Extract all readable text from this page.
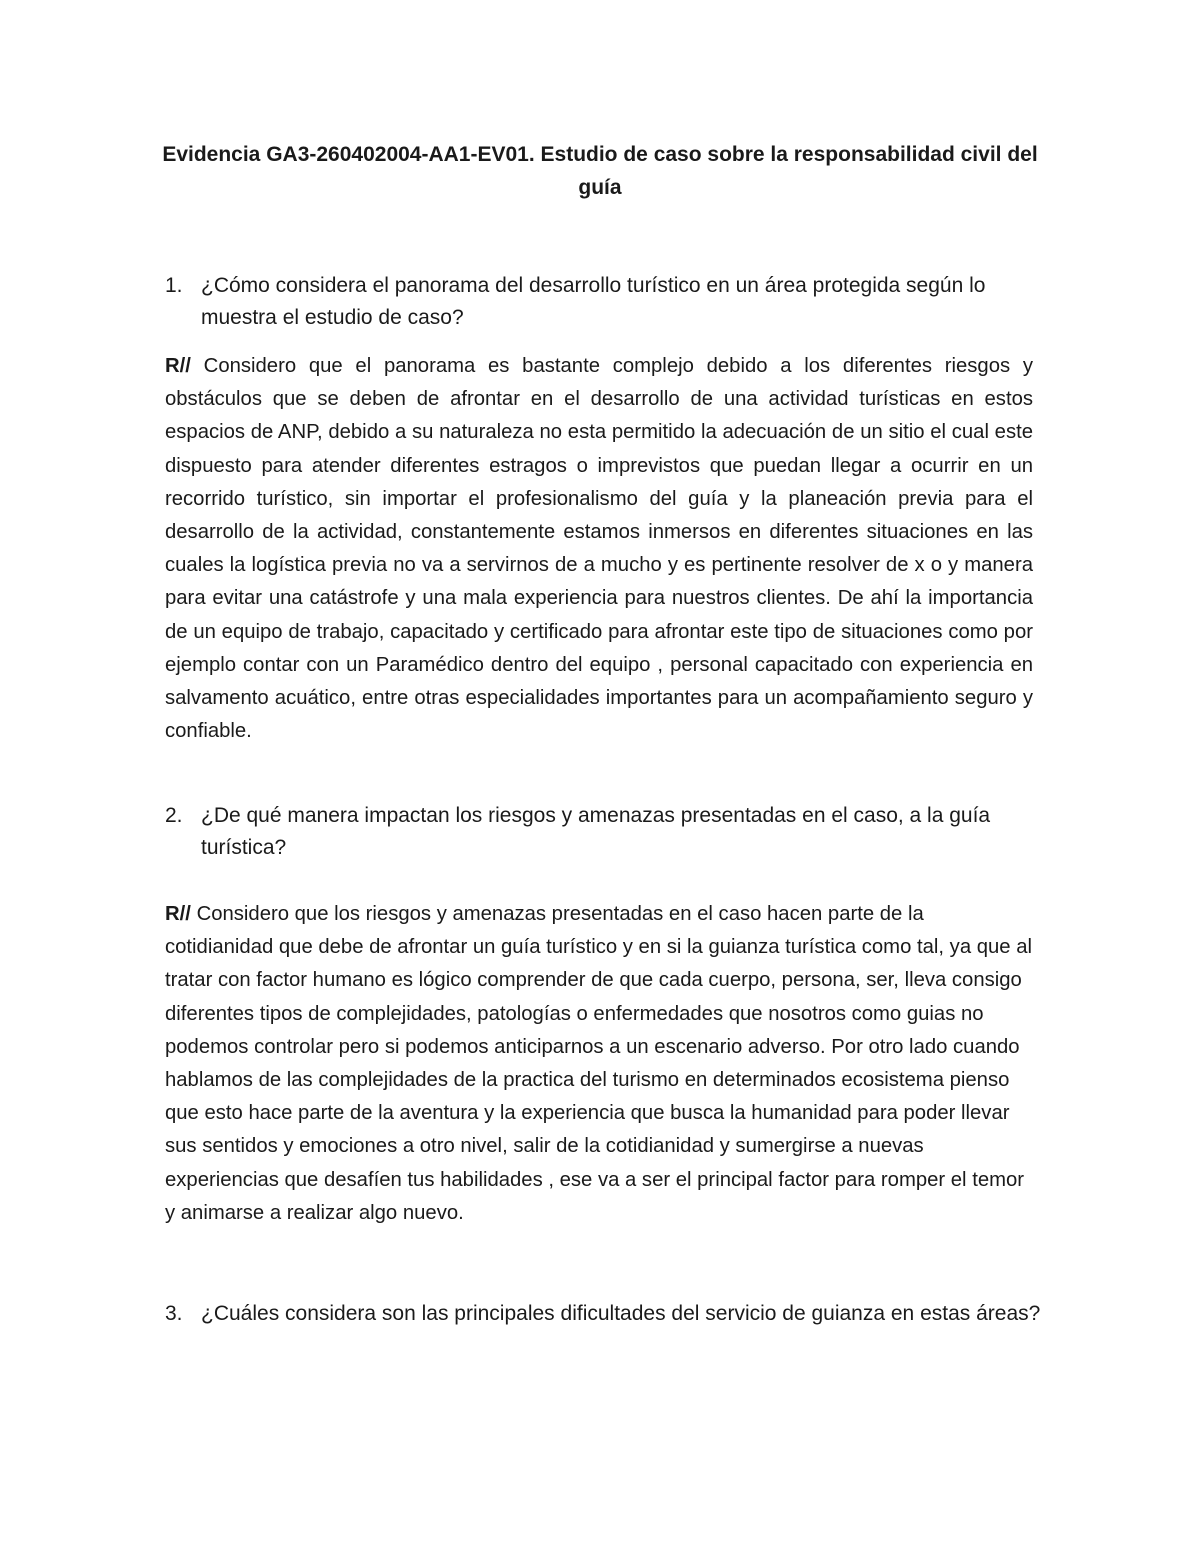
Evidencia GA3-260402004-AA1-EV01. Estudio de caso sobre la responsabilidad civil del guía
1. ¿Cómo considera el panorama del desarrollo turístico en un área protegida según lo muestra el estudio de caso?

R// Considero que el panorama es bastante complejo debido a los diferentes riesgos y obstáculos que se deben de afrontar en el desarrollo de una actividad turísticas en estos espacios de ANP, debido a su naturaleza no esta permitido la adecuación de un sitio el cual este dispuesto para atender diferentes estragos o imprevistos que puedan llegar a ocurrir en un recorrido turístico, sin importar el profesionalismo del guía y la planeación previa para el desarrollo de la actividad, constantemente estamos inmersos en diferentes situaciones en las cuales la logística previa no va a servirnos de a mucho y es pertinente resolver de x o y manera para evitar una catástrofe y una mala experiencia para nuestros clientes. De ahí la importancia de un equipo de trabajo, capacitado y certificado para afrontar este tipo de situaciones como por ejemplo contar con un Paramédico dentro del equipo , personal capacitado con experiencia en salvamento acuático, entre otras especialidades importantes para un acompañamiento seguro y confiable.

2. ¿De qué manera impactan los riesgos y amenazas presentadas en el caso, a la guía turística?

R// Considero que los riesgos y amenazas presentadas en el caso hacen parte de la cotidianidad que debe de afrontar un guía turístico y en si la guianza turística como tal, ya que al tratar con factor humano es lógico comprender de que cada cuerpo, persona, ser, lleva consigo diferentes tipos de complejidades, patologías o enfermedades que nosotros como guias no podemos controlar pero si podemos anticiparnos a un escenario adverso. Por otro lado cuando hablamos de las complejidades de la practica del turismo en determinados ecosistema pienso que esto hace parte de la aventura y la experiencia que busca la humanidad para poder llevar sus sentidos y emociones a otro nivel, salir de la cotidianidad y sumergirse a nuevas experiencias que desafíen tus habilidades , ese va a ser el principal factor para romper el temor y animarse a realizar algo nuevo.

3. ¿Cuáles considera son las principales dificultades del servicio de guianza en estas áreas?
